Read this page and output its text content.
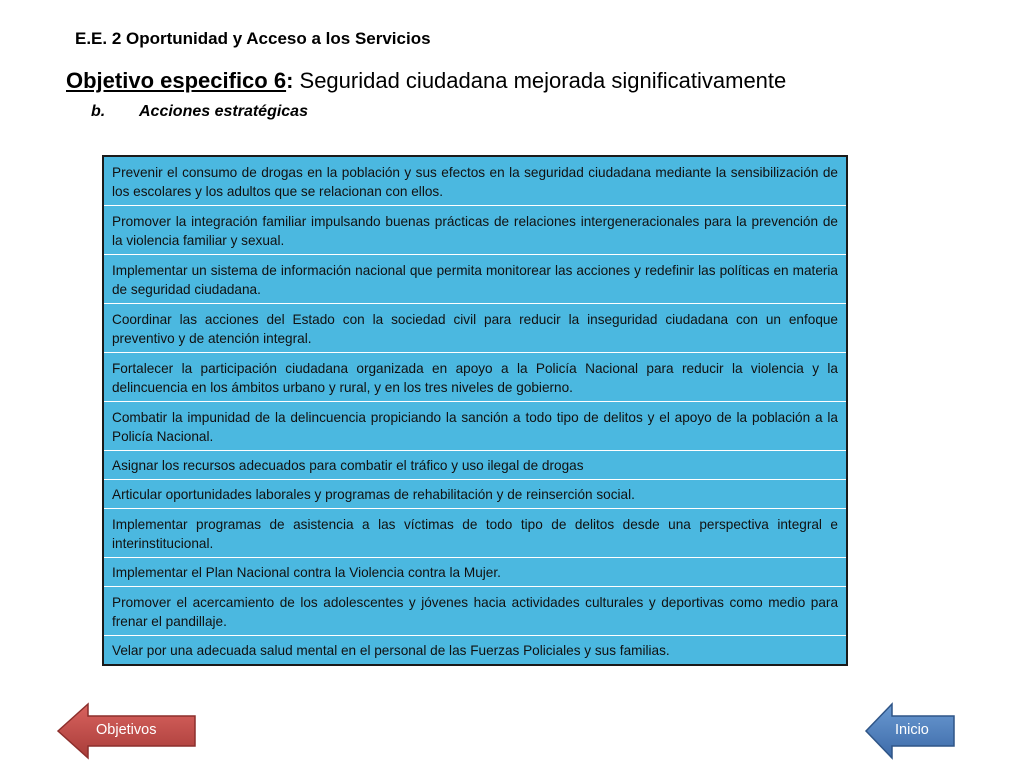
E.E. 2 Oportunidad y Acceso a los Servicios
Objetivo especifico 6: Seguridad ciudadana mejorada significativamente
b. Acciones estratégicas
Prevenir el consumo de drogas en la población y sus efectos en la seguridad ciudadana mediante la sensibilización de los escolares y los adultos que se relacionan con ellos.
Promover la integración familiar impulsando buenas prácticas de relaciones intergeneracionales para la prevención de la violencia familiar y sexual.
Implementar un sistema de información nacional que permita monitorear las acciones y redefinir las políticas en materia de seguridad ciudadana.
Coordinar las acciones del Estado con la sociedad civil para reducir la inseguridad ciudadana con un enfoque preventivo y de atención integral.
Fortalecer la participación ciudadana organizada en apoyo a la Policía Nacional para reducir la violencia y la delincuencia en los ámbitos urbano y rural, y en los tres niveles de gobierno.
Combatir la impunidad de la delincuencia propiciando la sanción a todo tipo de delitos y el apoyo de la población a la Policía Nacional.
Asignar los recursos adecuados para combatir el tráfico y uso ilegal de drogas
Articular oportunidades laborales y programas de rehabilitación y de reinserción social.
Implementar programas de asistencia a las víctimas de todo tipo de delitos desde una perspectiva integral e interinstitucional.
Implementar el Plan Nacional contra la Violencia contra la Mujer.
Promover el acercamiento de los adolescentes y jóvenes hacia actividades culturales y deportivas como medio para frenar el pandillaje.
Velar por una adecuada salud mental en el personal de las Fuerzas Policiales y sus familias.
Objetivos	Inicio
